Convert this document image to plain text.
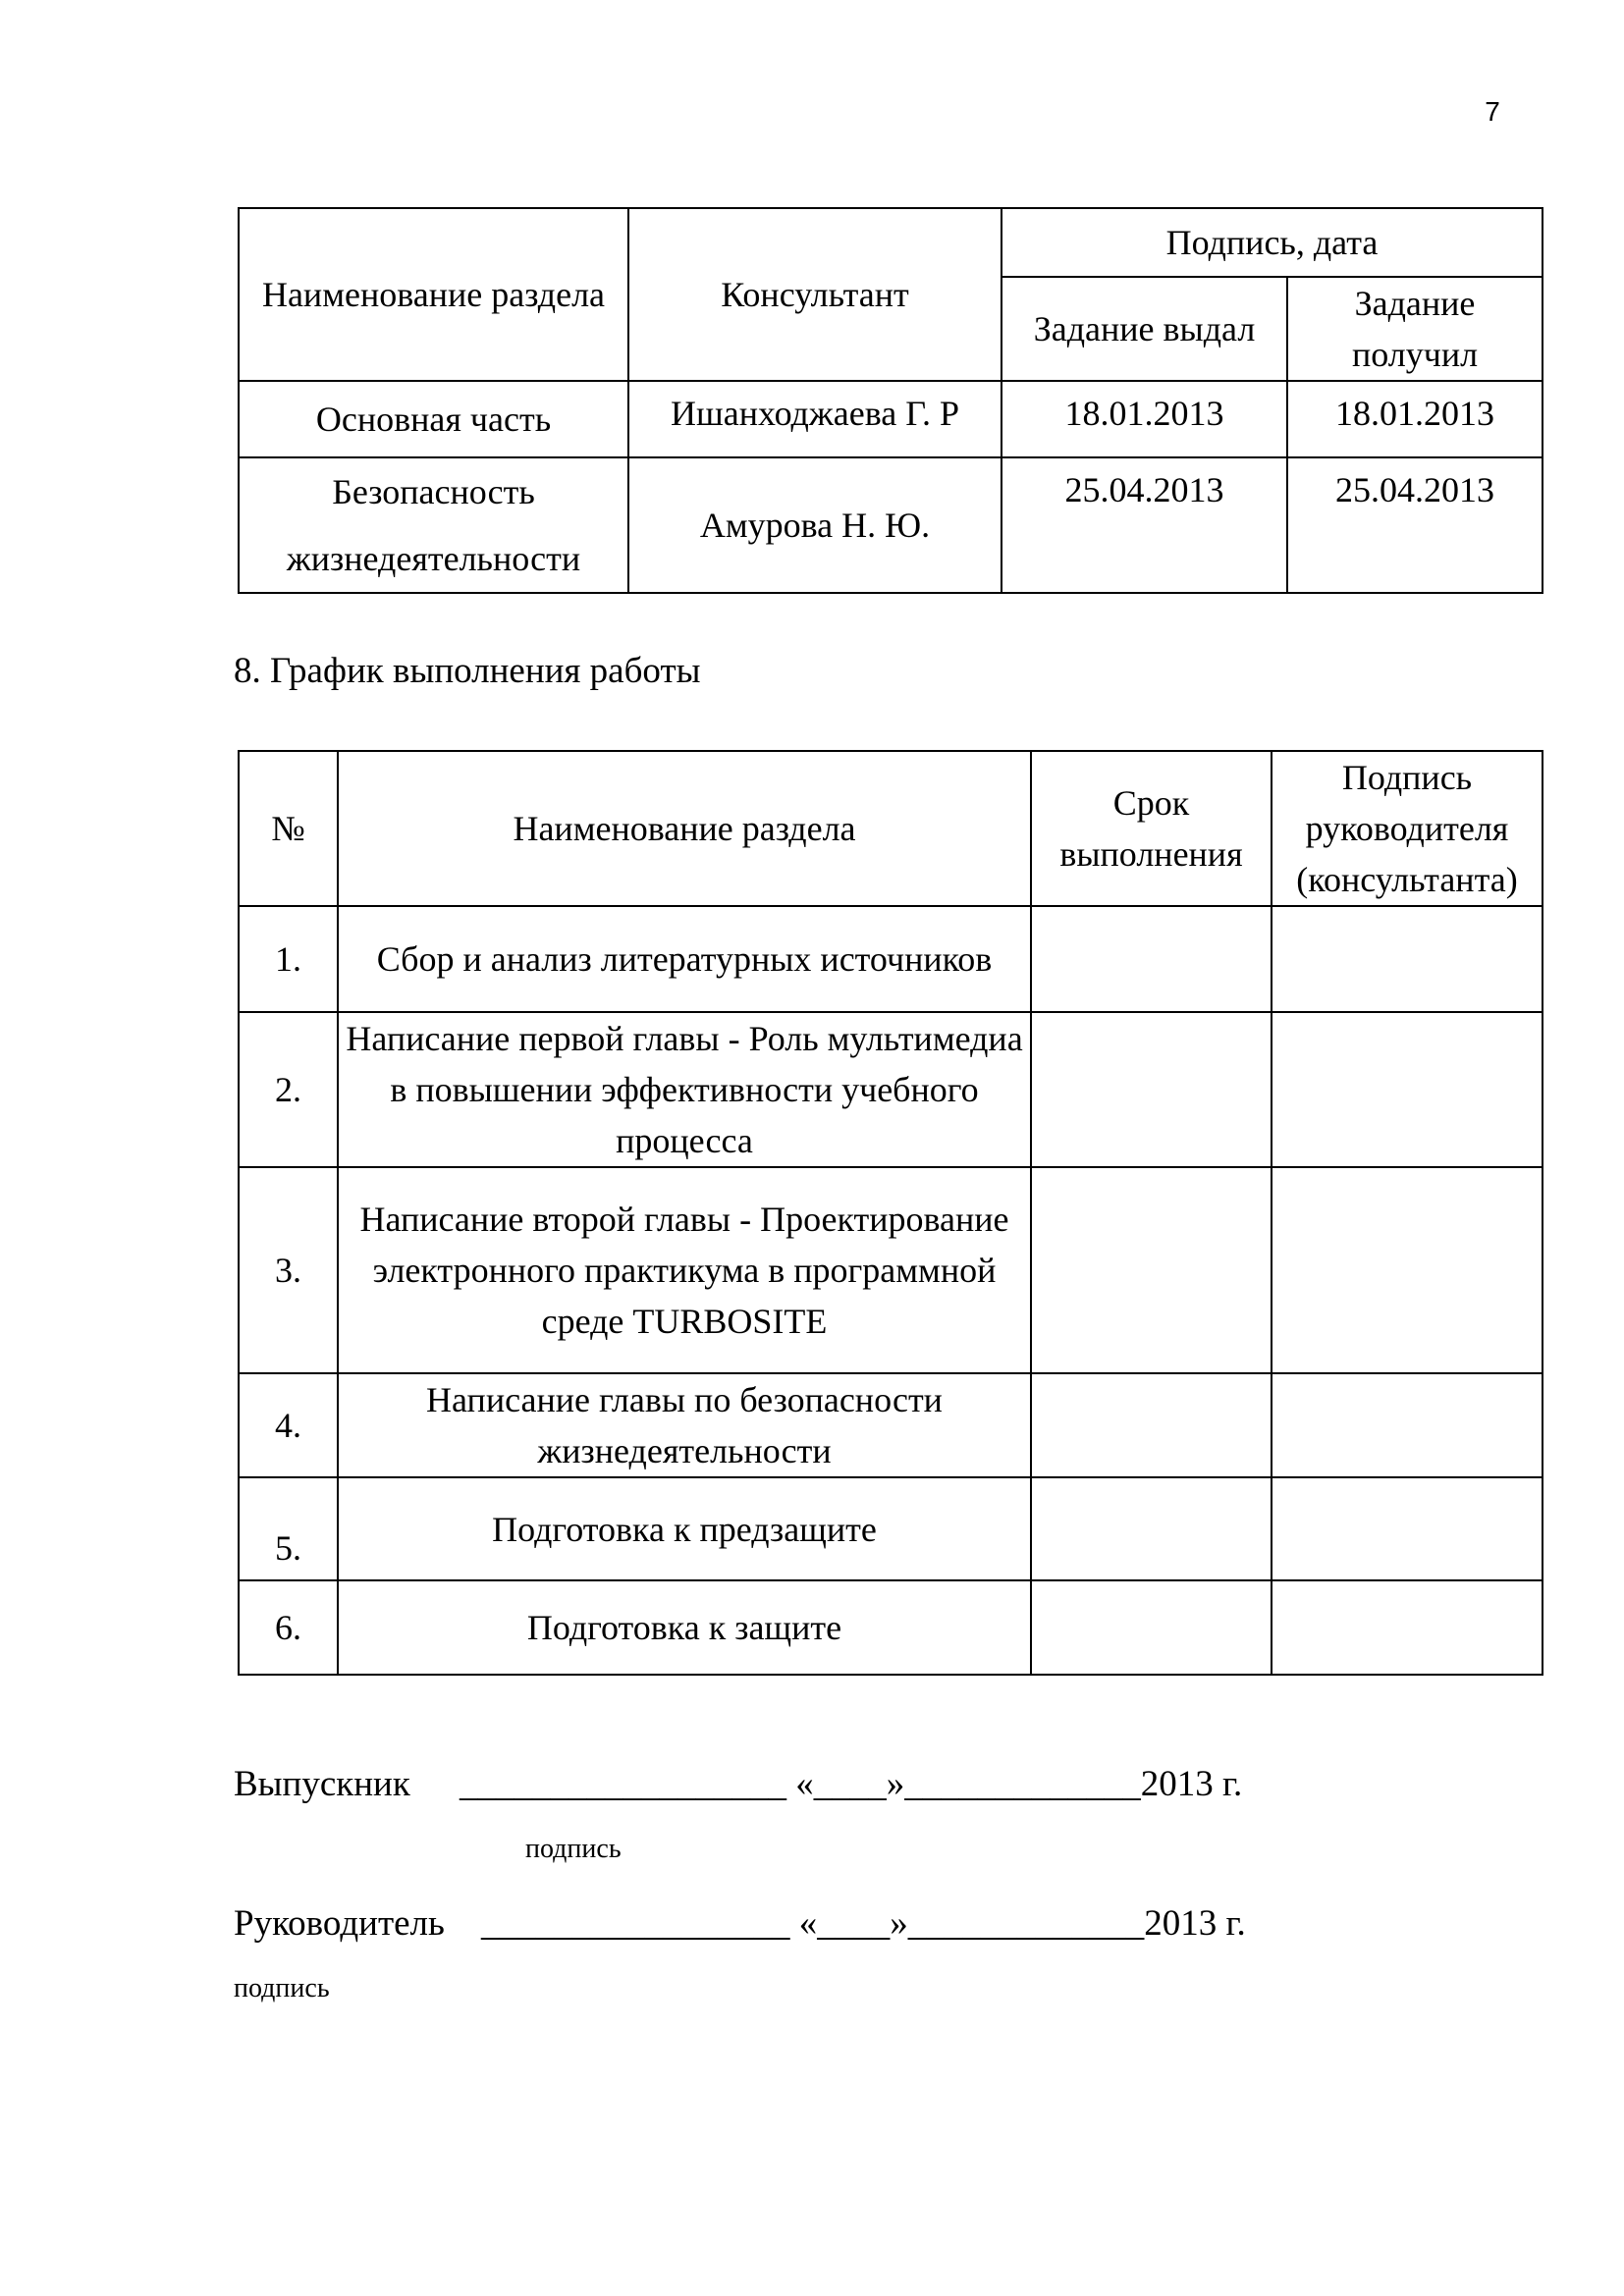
7
Наименование раздела	Консультант	Подпись, дата	
		Задание выдал	Задание получил
Основная часть	Ишанходжаева Г. Р	18.01.2013	18.01.2013
Безопасность жизнедеятельности	Амурова Н. Ю.	25.04.2013	25.04.2013
8. График выполнения работы
№	Наименование раздела	Срок выполнения	Подпись руководителя (консультанта)
1.	Сбор и анализ литературных источников		
2.	Написание первой главы - Роль мультимедиа в повышении эффективности учебного процесса		
3.	Написание второй главы - Проектирование электронного практикума в программной среде TURBOSITE		
4.	Написание главы по безопасности жизнедеятельности		
5.	Подготовка к предзащите		
6.	Подготовка к защите		
Выпускник __________________ «____»_____________2013 г.
подпись
Руководитель _________________ «____»_____________2013 г.
подпись
